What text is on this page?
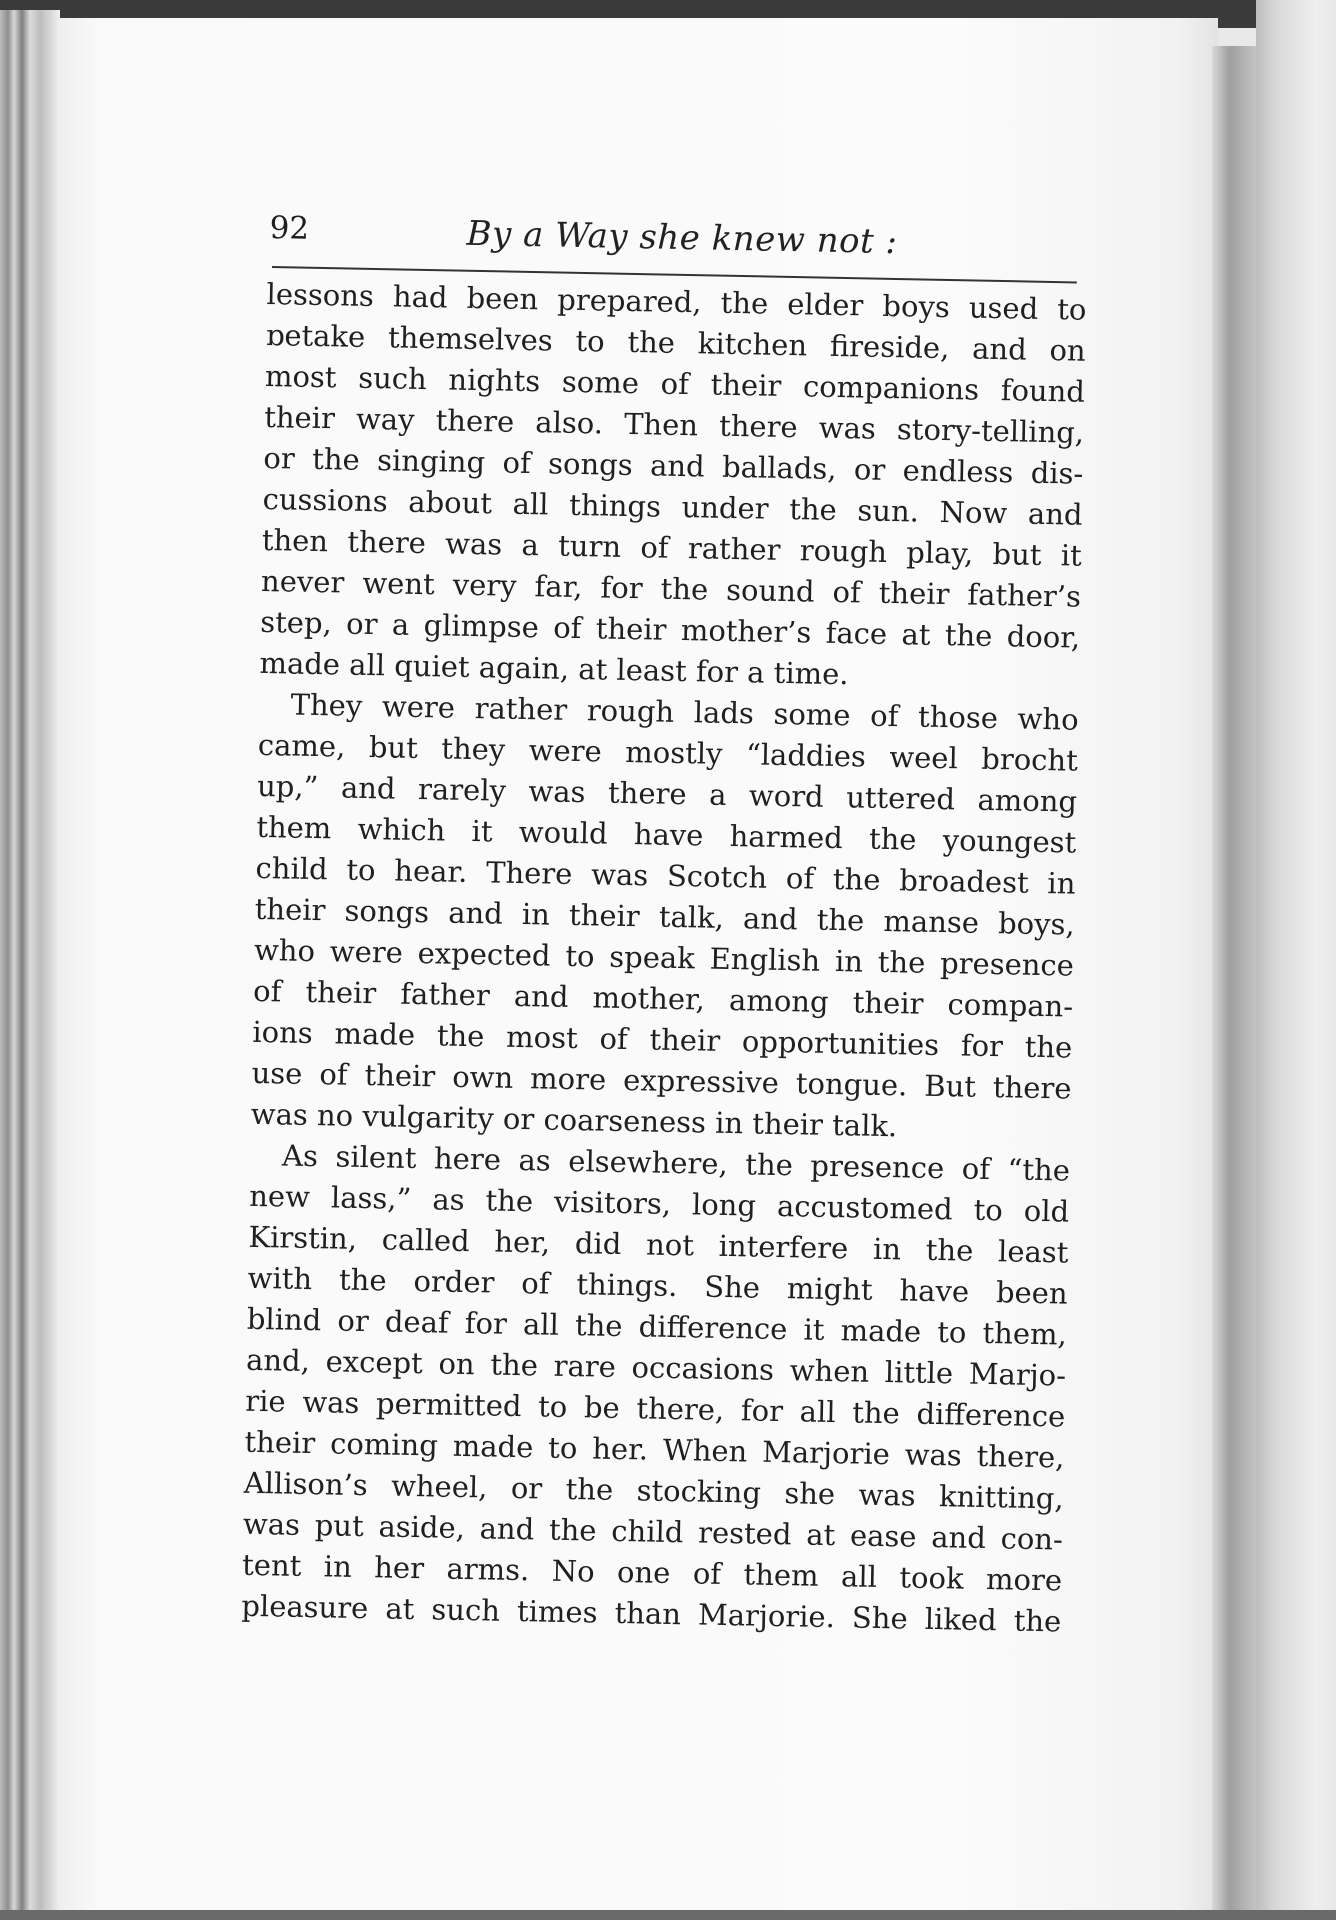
92	By a Way she knew not :
lessons had been prepared, the elder boys used to
ɒetake themselves to the kitchen fireside, and on
most such nights some of their companions found
their way there also. Then there was story-telling,
or the singing of songs and ballads, or endless dis-
cussions about all things under the sun. Now and
then there was a turn of rather rough play, but it
never went very far, for the sound of their father’s
step, or a glimpse of their mother’s face at the door,
made all quiet again, at least for a time.
They were rather rough lads some of those who
came, but they were mostly “laddies weel brocht
up,” and rarely was there a word uttered among
them which it would have harmed the youngest
child to hear. There was Scotch of the broadest in
their songs and in their talk, and the manse boys,
who were expected to speak English in the presence
of their father and mother, among their compan-
ions made the most of their opportunities for the
use of their own more expressive tongue. But there
was no vulgarity or coarseness in their talk.
As silent here as elsewhere, the presence of “the
new lass,” as the visitors, long accustomed to old
Kirstin, called her, did not interfere in the least
with the order of things. She might have been
blind or deaf for all the difference it made to them,
and, except on the rare occasions when little Marjo-
rie was permitted to be there, for all the difference
their coming made to her. When Marjorie was there,
Allison’s wheel, or the stocking she was knitting,
was put aside, and the child rested at ease and con-
tent in her arms. No one of them all took more
pleasure at such times than Marjorie. She liked the
